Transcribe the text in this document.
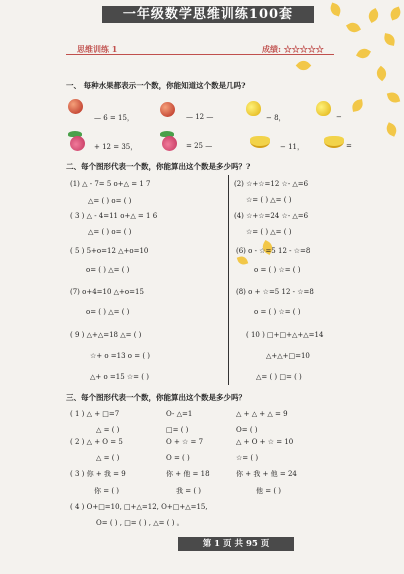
一年级数学思维训练100套
思维训练 1	成绩: ☆☆☆☆☆
一、 每种水果都表示一个数，你能知道这个数是几吗?
— 6 = 15，	— 12 —	− 8，	−
+ 12 = 35，	= 25 —	− 11，	=
二、每个图形代表一个数，你能算出这个数是多少吗？?
(1) △ - 7= 5 o+△ = 1 7
△= ( ) o= ( )
( 3 ) △ - 4=11 o+△ = 1 6
△= ( ) o= ( )
( 5 ) 5+o=12 △+o=10
o= ( ) △= ( )
(7) o+4=10 △+o=15
o= ( ) △= ( )
( 9 ) △+△=18 △= ( )
☆+ o =13 o = ( )
△+ o =15 ☆= ( )
(2) ☆+☆=12 ☆- △=6
☆= ( ) △= ( )
(4) ☆+☆=24 ☆- △=6
☆= ( ) △= ( )
(6) o - ☆=5 12 - ☆=8
o = ( ) ☆= ( )
(8) o + ☆=5 12 - ☆=8
o = ( ) ☆= ( )
( 10 ) □+□+△+△=14
△+△+□=10
△= ( ) □= ( )
三、每个图形代表一个数，你能算出这个数是多少吗？
( 1 ) △ + □=7	O- △=1	△ + △ + △ = 9
△ = ( )	□= ( )	O= ( )
( 2 ) △ + O = 5	O + ☆ = 7	△ + O + ☆ = 10
△ = ( )	O = ( )	☆= ( )
( 3 ) 你 + 我 = 9	你 + 他 = 18	你 + 我 + 他 = 24
你 = ( )	我 = ( )	他 = ( )
( 4 ) O+□=10, □+△=12, O+□+△=15,
O= ( ) , □= ( ) , △= ( ) 。
第 1 页 共 95 页
